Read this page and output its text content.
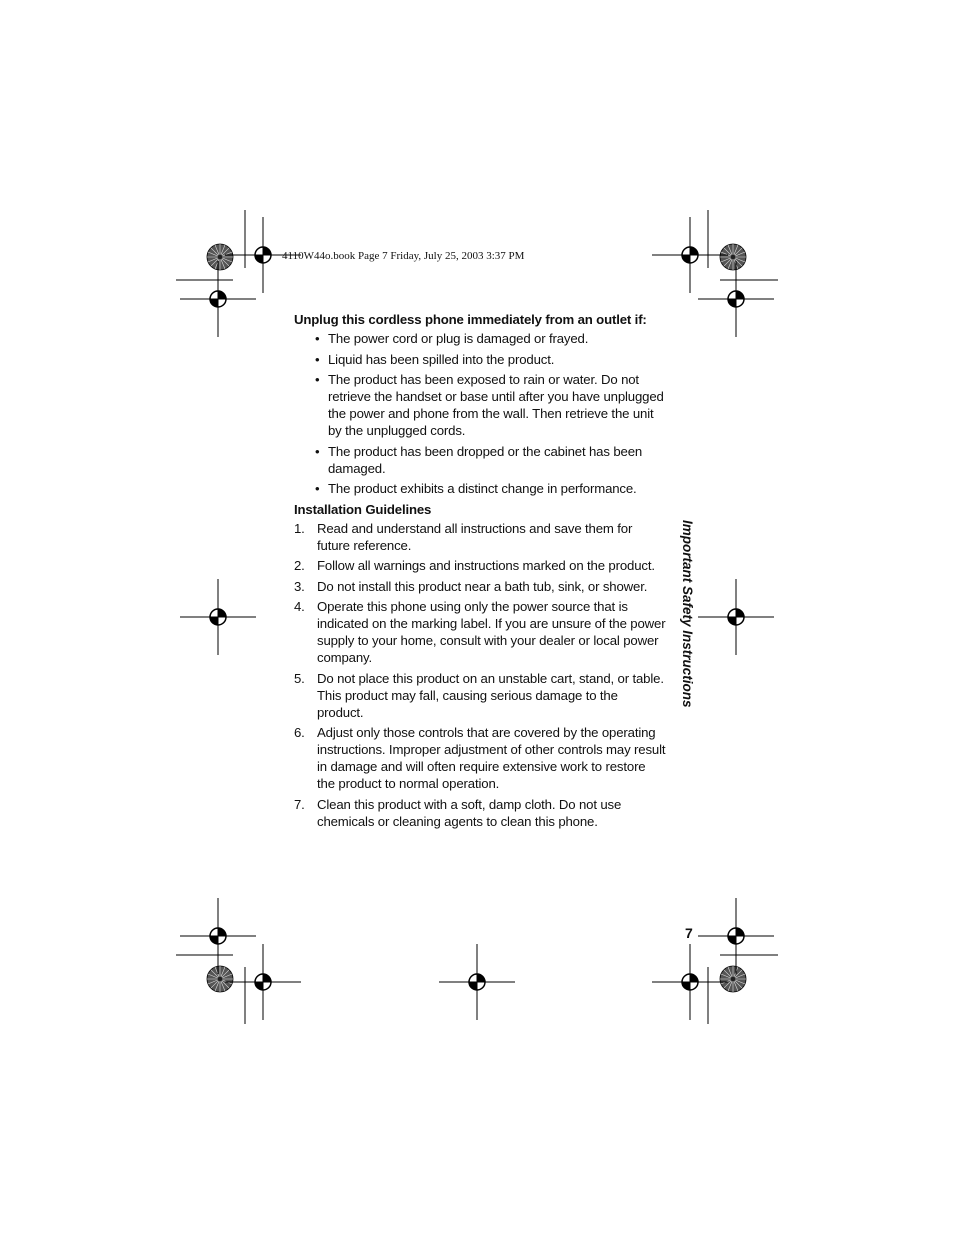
4110W44o.book Page 7 Friday, July 25, 2003 3:37 PM
Unplug this cordless phone immediately from an outlet if:
• The power cord or plug is damaged or frayed.
• Liquid has been spilled into the product.
• The product has been exposed to rain or water. Do not retrieve the handset or base until after you have unplugged the power and phone from the wall. Then retrieve the unit by the unplugged cords.
• The product has been dropped or the cabinet has been damaged.
• The product exhibits a distinct change in performance.
Installation Guidelines
1. Read and understand all instructions and save them for future reference.
2. Follow all warnings and instructions marked on the product.
3. Do not install this product near a bath tub, sink, or shower.
4. Operate this phone using only the power source that is indicated on the marking label. If you are unsure of the power supply to your home, consult with your dealer or local power company.
5. Do not place this product on an unstable cart, stand, or table. This product may fall, causing serious damage to the product.
6. Adjust only those controls that are covered by the operating instructions. Improper adjustment of other controls may result in damage and will often require extensive work to restore the product to normal operation.
7. Clean this product with a soft, damp cloth. Do not use chemicals or cleaning agents to clean this phone.
Important Safety Instructions
7
